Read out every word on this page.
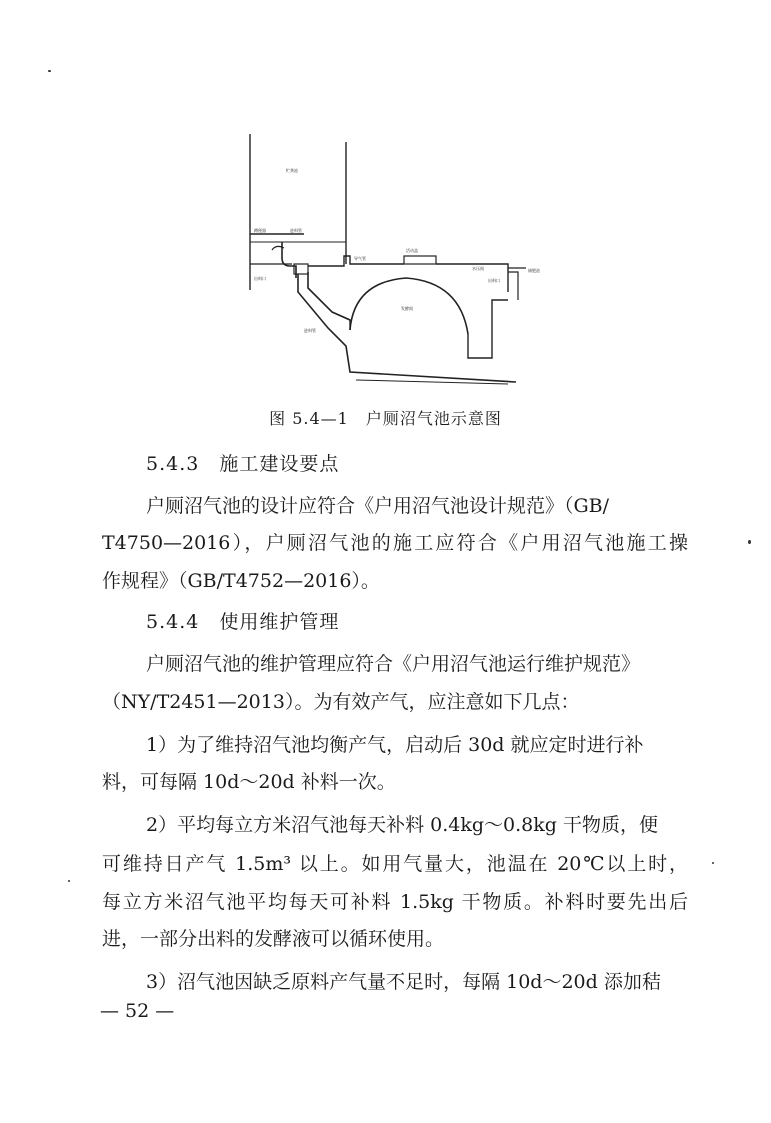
贮粪池
蹲便器	进料管
出料口
活动盖
水压间
出料口
储肥池
发酵间
进料管
导气管
图 5.4—1　户厕沼气池示意图
5.4.3　施工建设要点
户厕沼气池的设计应符合《户用沼气池设计规范》（GB/
T4750—2016），户厕沼气池的施工应符合《户用沼气池施工操
作规程》（GB/T4752—2016）。
5.4.4　使用维护管理
户厕沼气池的维护管理应符合《户用沼气池运行维护规范》
（NY/T2451—2013）。为有效产气，应注意如下几点：
1）为了维持沼气池均衡产气，启动后 30d 就应定时进行补
料，可每隔 10d～20d 补料一次。
2）平均每立方米沼气池每天补料 0.4kg～0.8kg 干物质，便
可维持日产气 1.5m³ 以上。如用气量大，池温在 20℃以上时，
每立方米沼气池平均每天可补料 1.5kg 干物质。补料时要先出后
进，一部分出料的发酵液可以循环使用。
3）沼气池因缺乏原料产气量不足时，每隔 10d～20d 添加秸
— 52 —
